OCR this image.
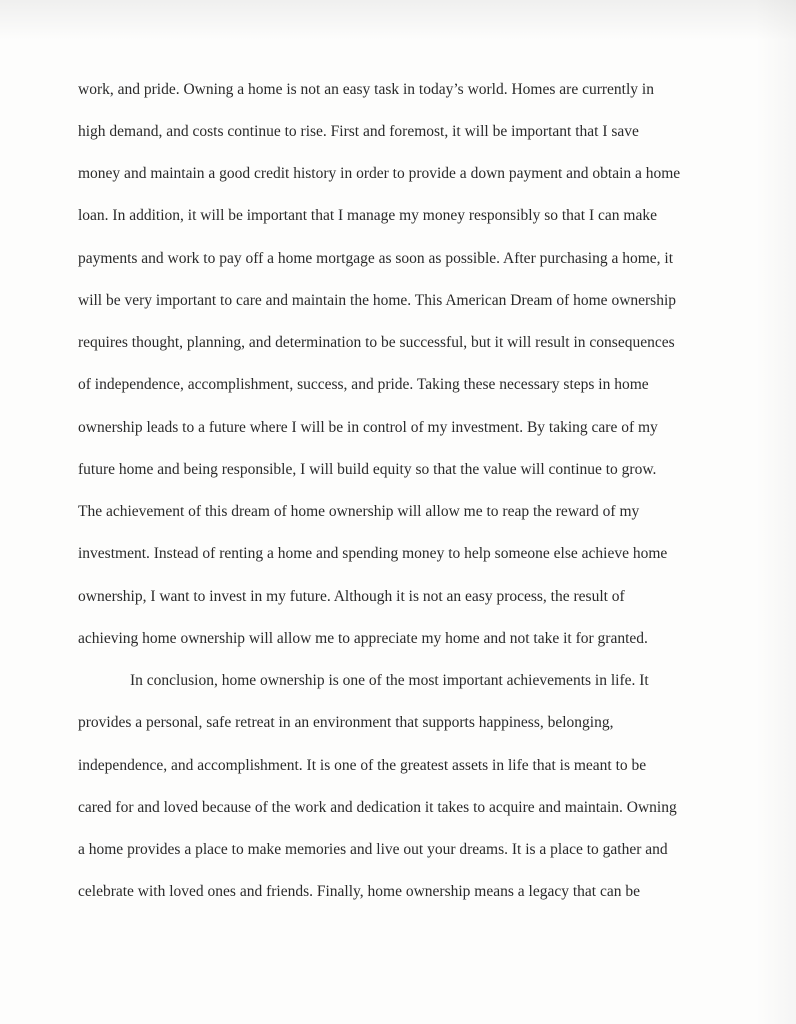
work, and pride. Owning a home is not an easy task in today’s world. Homes are currently in

high demand, and costs continue to rise. First and foremost, it will be important that I save

money and maintain a good credit history in order to provide a down payment and obtain a home

loan. In addition, it will be important that I manage my money responsibly so that I can make

payments and work to pay off a home mortgage as soon as possible. After purchasing a home, it

will be very important to care and maintain the home. This American Dream of home ownership

requires thought, planning, and determination to be successful, but it will result in consequences

of independence, accomplishment, success, and pride. Taking these necessary steps in home

ownership leads to a future where I will be in control of my investment. By taking care of my

future home and being responsible, I will build equity so that the value will continue to grow.

The achievement of this dream of home ownership will allow me to reap the reward of my

investment. Instead of renting a home and spending money to help someone else achieve home

ownership, I want to invest in my future. Although it is not an easy process, the result of

achieving home ownership will allow me to appreciate my home and not take it for granted.

In conclusion, home ownership is one of the most important achievements in life. It

provides a personal, safe retreat in an environment that supports happiness, belonging,

independence, and accomplishment. It is one of the greatest assets in life that is meant to be

cared for and loved because of the work and dedication it takes to acquire and maintain. Owning

a home provides a place to make memories and live out your dreams. It is a place to gather and

celebrate with loved ones and friends. Finally, home ownership means a legacy that can be
